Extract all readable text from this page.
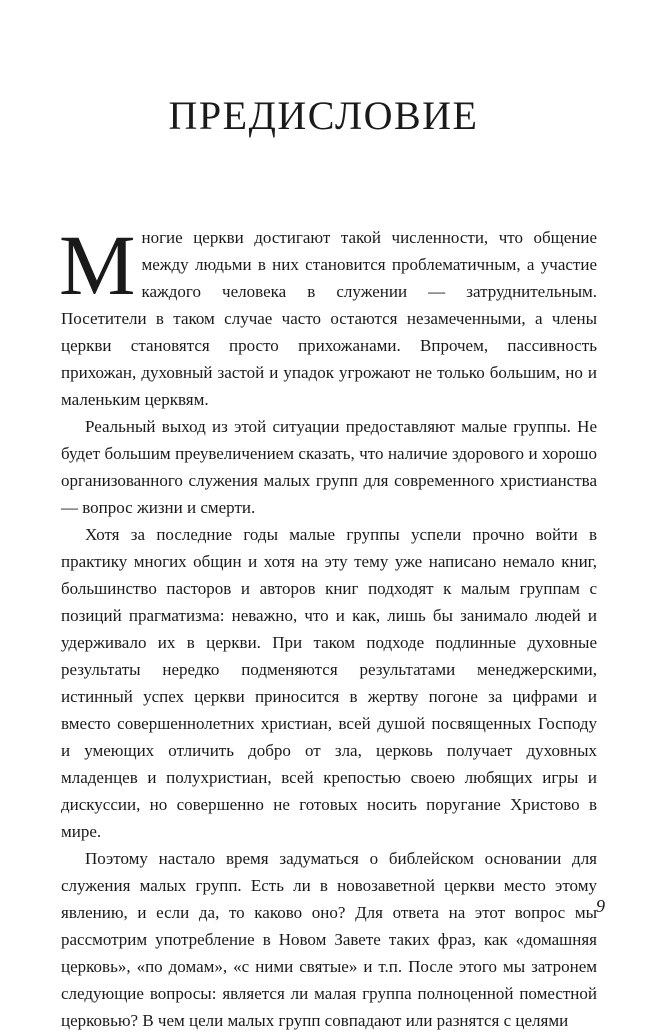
ПРЕДИСЛОВИЕ

Многие церкви достигают такой численности, что общение между людьми в них становится проблематичным, а участие каждого человека в служении — затруднительным. Посетители в таком случае часто остаются незамеченными, а члены церкви становятся просто прихожанами. Впрочем, пассивность прихожан, духовный застой и упадок угрожают не только большим, но и маленьким церквям.

Реальный выход из этой ситуации предоставляют малые группы. Не будет большим преувеличением сказать, что наличие здорового и хорошо организованного служения малых групп для современного христианства — вопрос жизни и смерти.

Хотя за последние годы малые группы успели прочно войти в практику многих общин и хотя на эту тему уже написано немало книг, большинство пасторов и авторов книг подходят к малым группам с позиций прагматизма: неважно, что и как, лишь бы занимало людей и удерживало их в церкви. При таком подходе подлинные духовные результаты нередко подменяются результатами менеджерскими, истинный успех церкви приносится в жертву погоне за цифрами и вместо совершеннолетних христиан, всей душой посвященных Господу и умеющих отличить добро от зла, церковь получает духовных младенцев и полухристиан, всей крепостью своею любящих игры и дискуссии, но совершенно не готовых носить поругание Христово в мире.

Поэтому настало время задуматься о библейском основании для служения малых групп. Есть ли в новозаветной церкви место этому явлению, и если да, то каково оно? Для ответа на этот вопрос мы рассмотрим употребление в Новом Завете таких фраз, как «домашняя церковь», «по домам», «с ними святые» и т.п. После этого мы затронем следующие вопросы: является ли малая группа полноценной поместной церковью? В чем цели малых групп совпадают или разнятся с целями

9
